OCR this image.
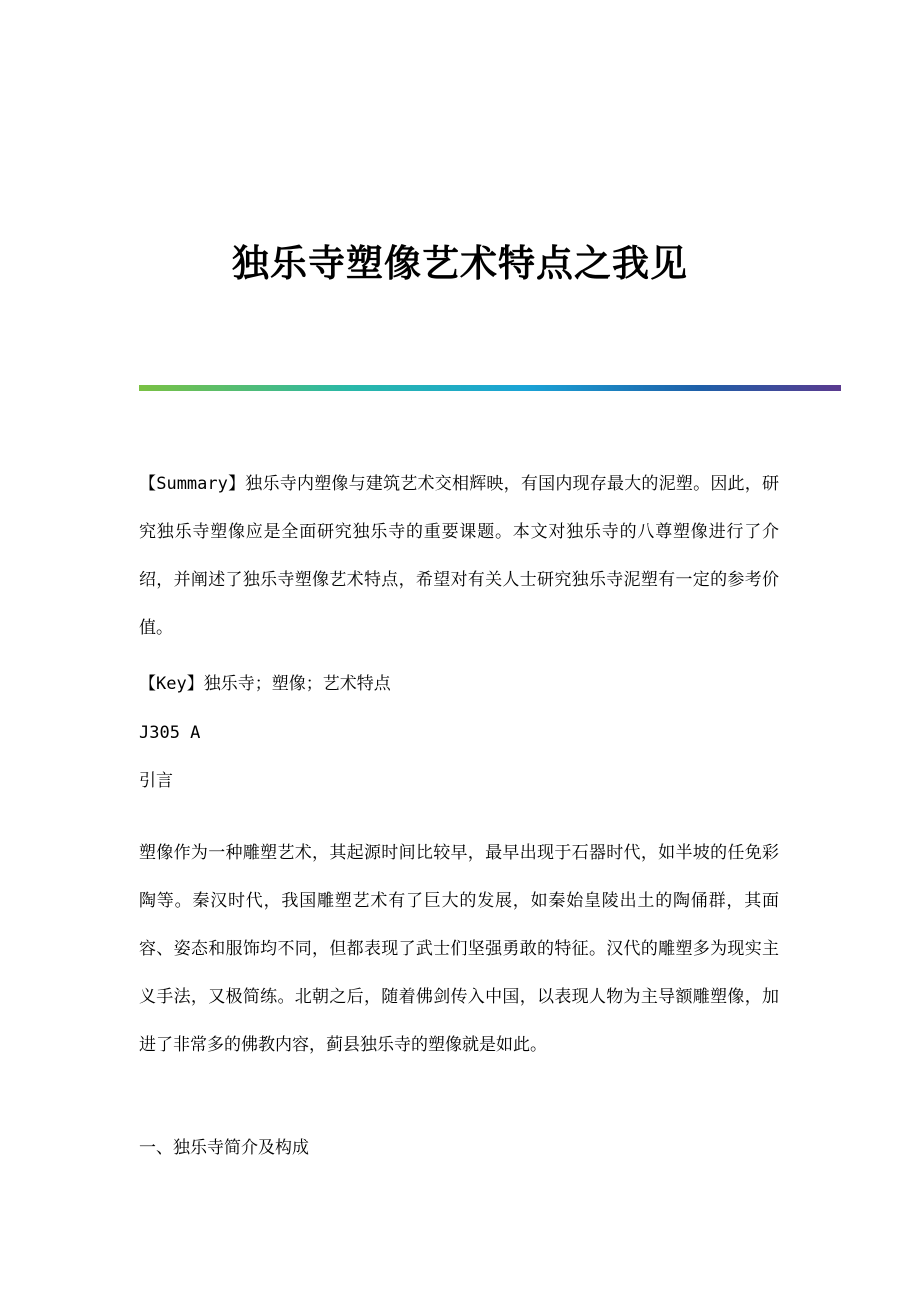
独乐寺塑像艺术特点之我见

【Summary】独乐寺内塑像与建筑艺术交相辉映，有国内现存最大的泥塑。因此，研究独乐寺塑像应是全面研究独乐寺的重要课题。本文对独乐寺的八尊塑像进行了介绍，并阐述了独乐寺塑像艺术特点，希望对有关人士研究独乐寺泥塑有一定的参考价值。

【Key】独乐寺；塑像；艺术特点

J305 A

引言

塑像作为一种雕塑艺术，其起源时间比较早，最早出现于石器时代，如半坡的任免彩陶等。秦汉时代，我国雕塑艺术有了巨大的发展，如秦始皇陵出土的陶俑群，其面容、姿态和服饰均不同，但都表现了武士们坚强勇敢的特征。汉代的雕塑多为现实主义手法，又极简练。北朝之后，随着佛剑传入中国，以表现人物为主导额雕塑像，加进了非常多的佛教内容，蓟县独乐寺的塑像就是如此。

一、独乐寺简介及构成
